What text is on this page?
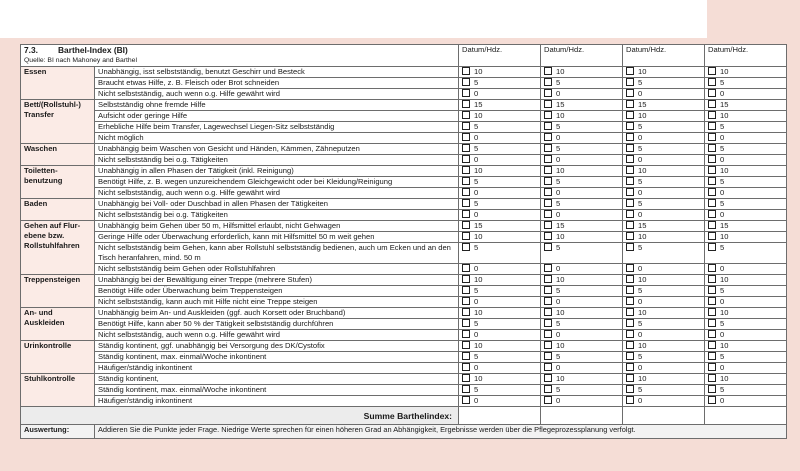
7.3. Barthel-Index (BI)
Quelle: BI nach Mahoney and Barthel		Datum/Hdz.	Datum/Hdz.	Datum/Hdz.	Datum/Hdz.
Essen	Unabhängig, isst selbstständig, benutzt Geschirr und Besteck	10	10	10	10
	Braucht etwas Hilfe, z. B. Fleisch oder Brot schneiden	5	5	5	5
	Nicht selbstständig, auch wenn o.g. Hilfe gewährt wird	0	0	0	0
Bett/(Rollstuhl-) Transfer	Selbstständig ohne fremde Hilfe	15	15	15	15
	Aufsicht oder geringe Hilfe	10	10	10	10
	Erhebliche Hilfe beim Transfer, Lagewechsel Liegen-Sitz selbstständig	5	5	5	5
	Nicht möglich	0	0	0	0
Waschen	Unabhängig beim Waschen von Gesicht und Händen, Kämmen, Zähneputzen	5	5	5	5
	Nicht selbstständig bei o.g. Tätigkeiten	0	0	0	0
Toiletten- benutzung	Unabhängig in allen Phasen der Tätigkeit (inkl. Reinigung)	10	10	10	10
	Benötigt Hilfe, z. B. wegen unzureichendem Gleichgewicht oder bei Kleidung/Reinigung	5	5	5	5
	Nicht selbstständig, auch wenn o.g. Hilfe gewährt wird	0	0	0	0
Baden	Unabhängig bei Voll- oder Duschbad in allen Phasen der Tätigkeiten	5	5	5	5
	Nicht selbstständig bei o.g. Tätigkeiten	0	0	0	0
Gehen auf Flur- ebene bzw. Rollstuhlfahren	Unabhängig beim Gehen über 50 m, Hilfsmittel erlaubt, nicht Gehwagen	15	15	15	15
	Geringe Hilfe oder Überwachung erforderlich, kann mit Hilfsmittel 50 m weit gehen	10	10	10	10
	Nicht selbstständig beim Gehen, kann aber Rollstuhl selbstständig bedienen, auch um Ecken und an den Tisch heranfahren, mind. 50 m	5	5	5	5
	Nicht selbstständig beim Gehen oder Rollstuhlfahren	0	0	0	0
Treppensteigen	Unabhängig bei der Bewältigung einer Treppe (mehrere Stufen)	10	10	10	10
	Benötigt Hilfe oder Überwachung beim Treppensteigen	5	5	5	5
	Nicht selbstständig, kann auch mit Hilfe nicht eine Treppe steigen	0	0	0	0
An- und Auskleiden	Unabhängig beim An- und Auskleiden (ggf. auch Korsett oder Bruchband)	10	10	10	10
	Benötigt Hilfe, kann aber 50 % der Tätigkeit selbstständig durchführen	5	5	5	5
	Nicht selbstständig, auch wenn o.g. Hilfe gewährt wird	0	0	0	0
Urinkontrolle	Ständig kontinent, ggf. unabhängig bei Versorgung des DK/Cystofix	10	10	10	10
	Ständig kontinent, max. einmal/Woche inkontinent	5	5	5	5
	Häufiger/ständig inkontinent	0	0	0	0
Stuhlkontrolle	Ständig kontinent,	10	10	10	10
	Ständig kontinent, max. einmal/Woche inkontinent	5	5	5	5
	Häufiger/ständig inkontinent	0	0	0	0
Summe Barthelindex:					
Auswertung:	Addieren Sie die Punkte jeder Frage. Niedrige Werte sprechen für einen höheren Grad an Abhängigkeit, Ergebnisse werden über die Pflegeprozessplanung verfolgt.				
